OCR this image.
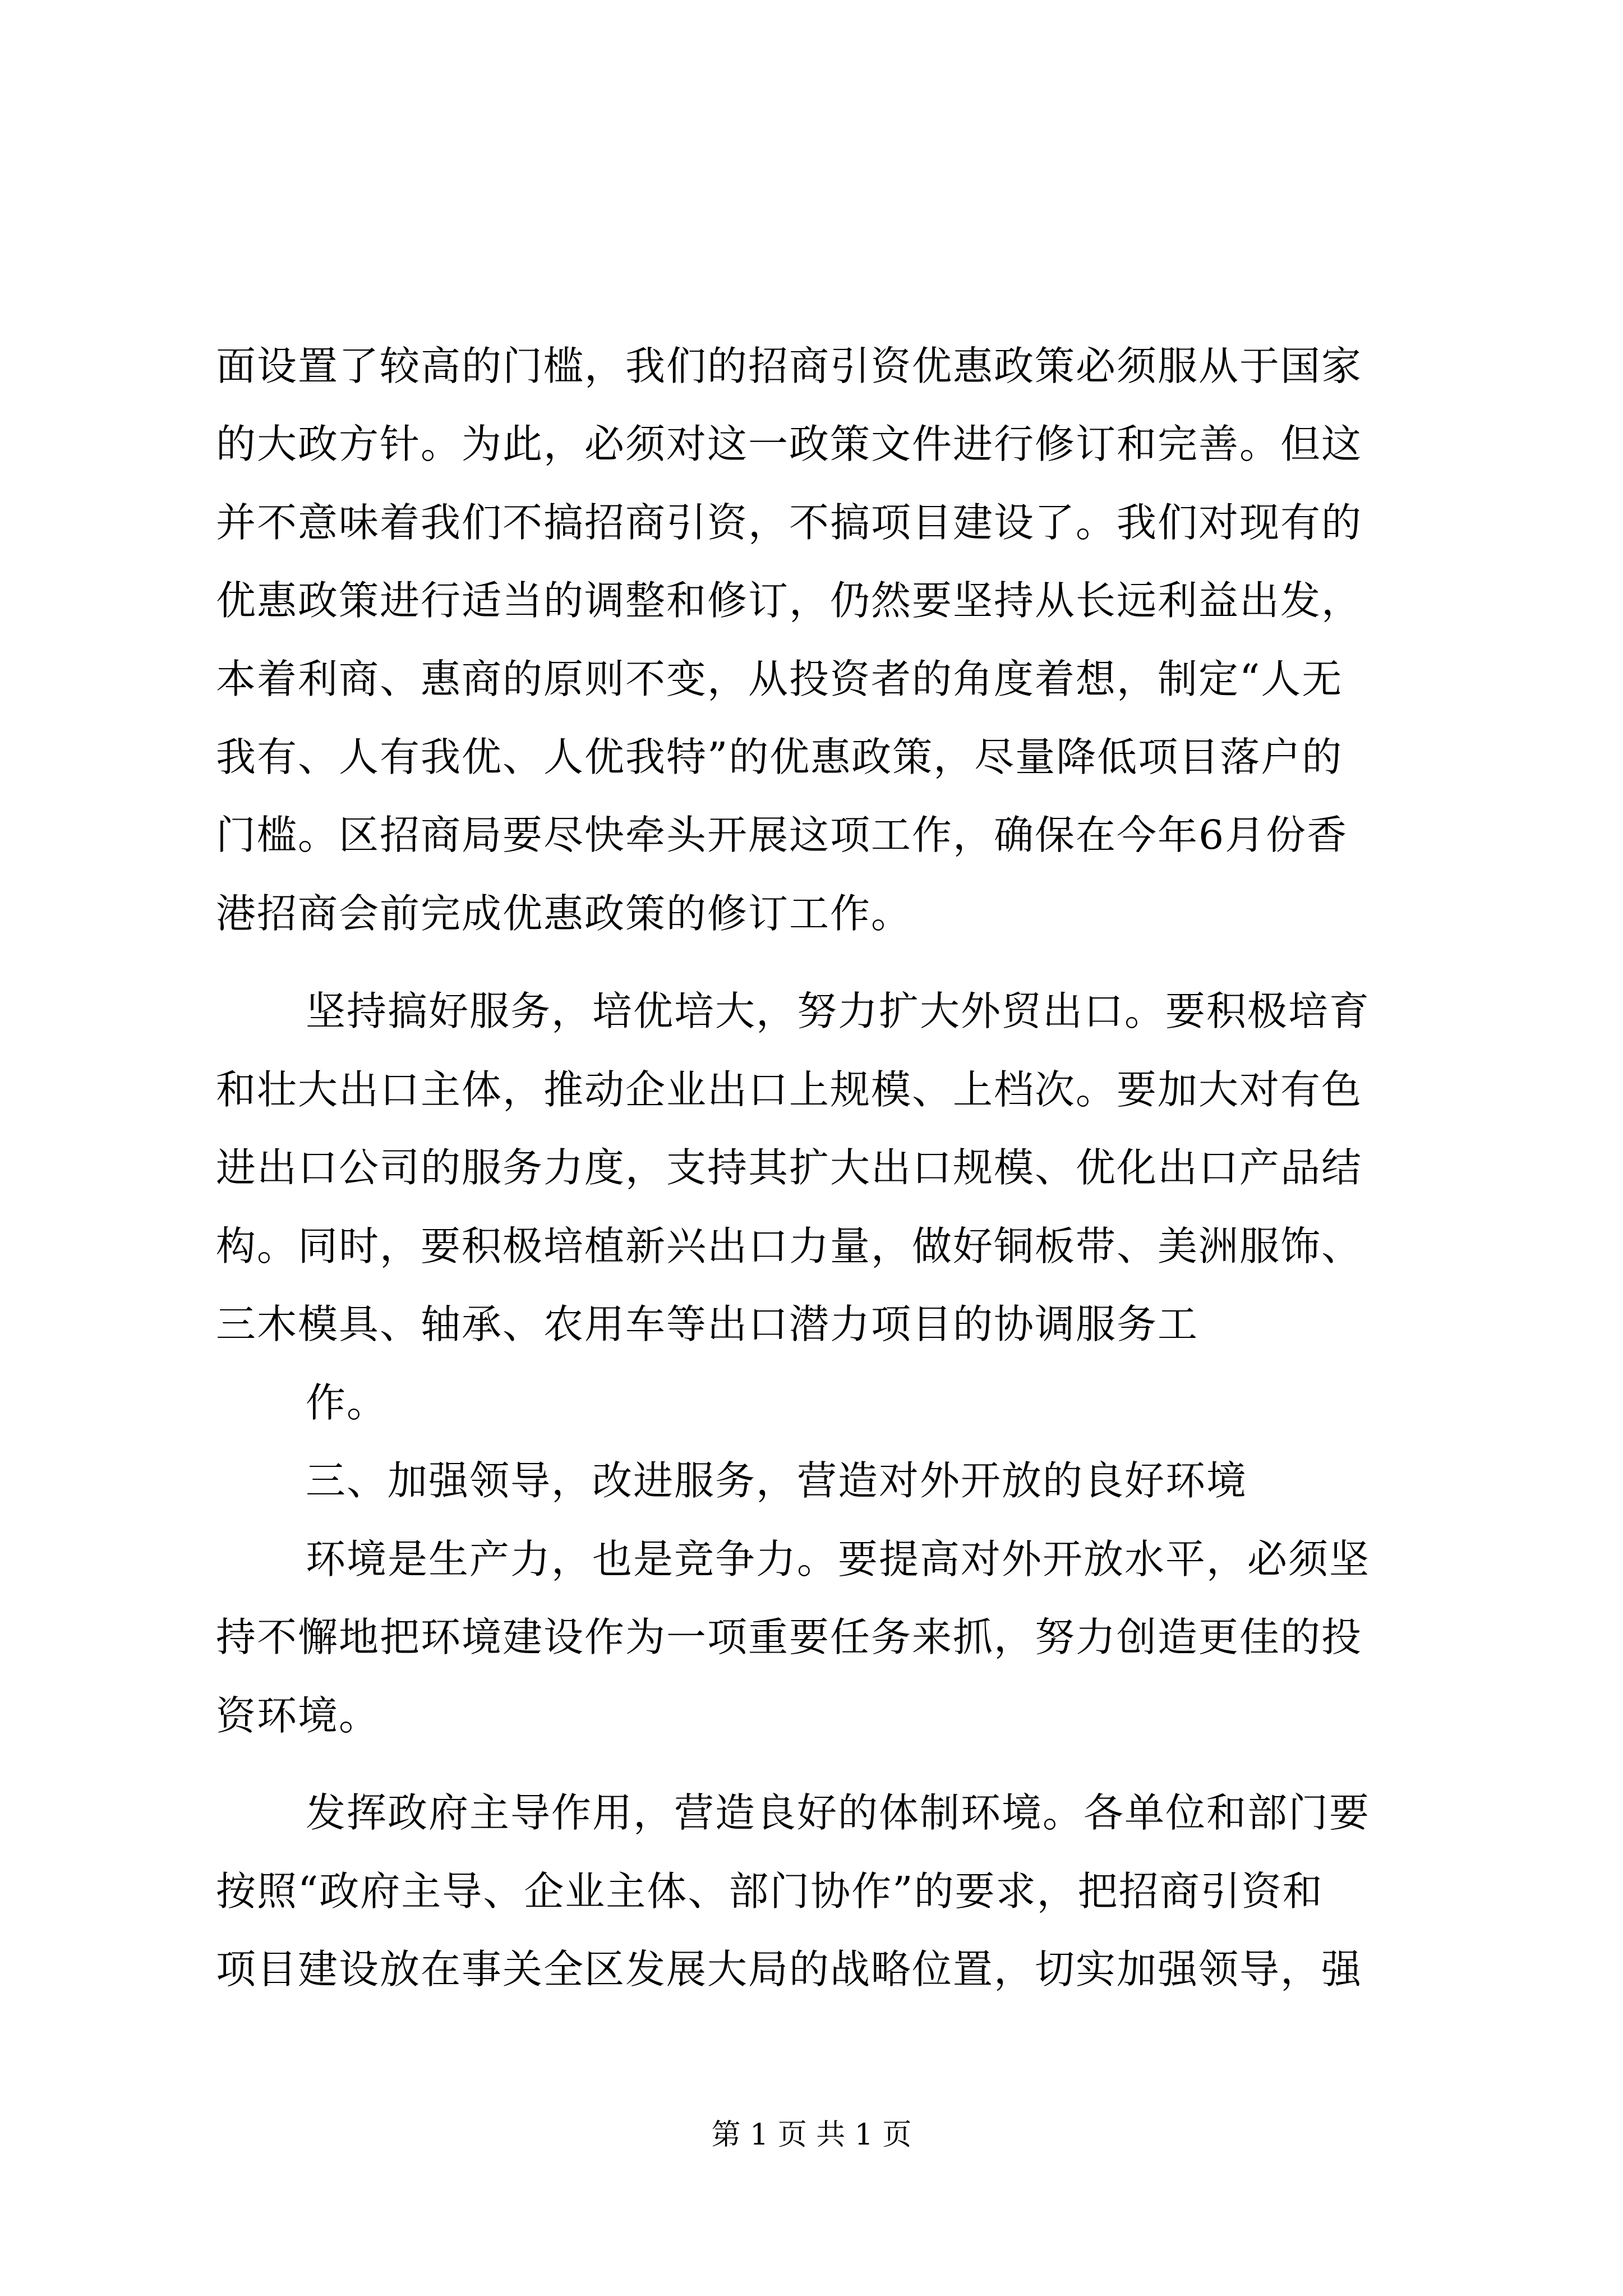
面设置了较高的门槛，我们的招商引资优惠政策必须服从于国家
的大政方针。为此，必须对这一政策文件进行修订和完善。但这
并不意味着我们不搞招商引资，不搞项目建设了。我们对现有的
优惠政策进行适当的调整和修订，仍然要坚持从长远利益出发，
本着利商、惠商的原则不变，从投资者的角度着想，制定“人无
我有、人有我优、人优我特”的优惠政策，尽量降低项目落户的
门槛。区招商局要尽快牵头开展这项工作，确保在今年6月份香
港招商会前完成优惠政策的修订工作。
坚持搞好服务，培优培大，努力扩大外贸出口。要积极培育
和壮大出口主体，推动企业出口上规模、上档次。要加大对有色
进出口公司的服务力度，支持其扩大出口规模、优化出口产品结
构。同时，要积极培植新兴出口力量，做好铜板带、美洲服饰、
三木模具、轴承、农用车等出口潜力项目的协调服务工
作。
三、加强领导，改进服务，营造对外开放的良好环境
环境是生产力，也是竞争力。要提高对外开放水平，必须坚
持不懈地把环境建设作为一项重要任务来抓，努力创造更佳的投
资环境。
发挥政府主导作用，营造良好的体制环境。各单位和部门要
按照“政府主导、企业主体、部门协作”的要求，把招商引资和
项目建设放在事关全区发展大局的战略位置，切实加强领导，强
第 1 页 共 1 页
